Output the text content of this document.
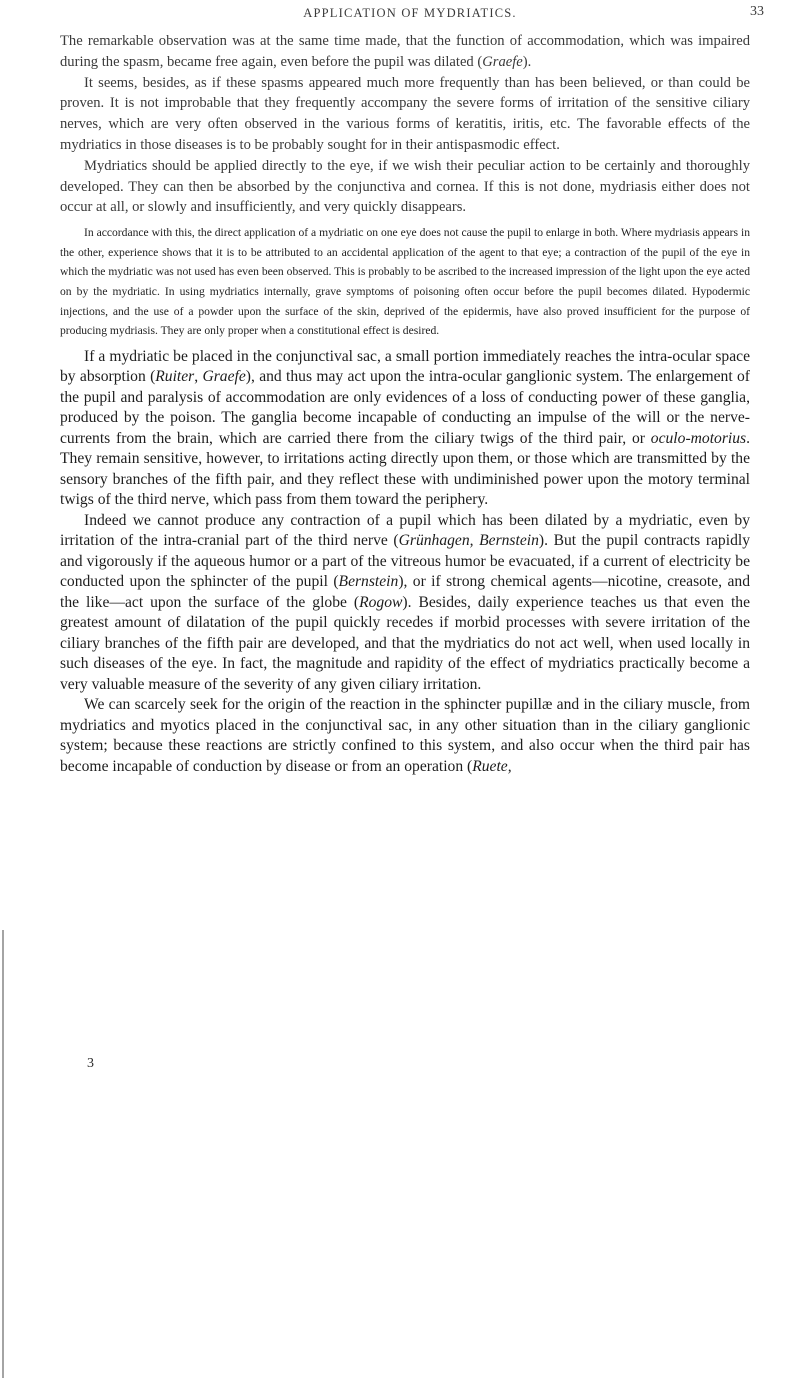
APPLICATION OF MYDRIATICS.	33

The remarkable observation was at the same time made, that the function of accommodation, which was impaired during the spasm, became free again, even before the pupil was dilated (Graefe).

It seems, besides, as if these spasms appeared much more frequently than has been believed, or than could be proven. It is not improbable that they frequently accompany the severe forms of irritation of the sensitive ciliary nerves, which are very often observed in the various forms of keratitis, iritis, etc. The favorable effects of the mydriatics in those diseases is to be probably sought for in their antispasmodic effect.

Mydriatics should be applied directly to the eye, if we wish their peculiar action to be certainly and thoroughly developed. They can then be absorbed by the conjunctiva and cornea. If this is not done, mydriasis either does not occur at all, or slowly and insufficiently, and very quickly disappears.

In accordance with this, the direct application of a mydriatic on one eye does not cause the pupil to enlarge in both. Where mydriasis appears in the other, experience shows that it is to be attributed to an accidental application of the agent to that eye; a contraction of the pupil of the eye in which the mydriatic was not used has even been observed. This is probably to be ascribed to the increased impression of the light upon the eye acted on by the mydriatic. In using mydriatics internally, grave symptoms of poisoning often occur before the pupil becomes dilated. Hypodermic injections, and the use of a powder upon the surface of the skin, deprived of the epidermis, have also proved insufficient for the purpose of producing mydriasis. They are only proper when a constitutional effect is desired.

If a mydriatic be placed in the conjunctival sac, a small portion immediately reaches the intra-ocular space by absorption (Ruiter, Graefe), and thus may act upon the intra-ocular ganglionic system. The enlargement of the pupil and paralysis of accommodation are only evidences of a loss of conducting power of these ganglia, produced by the poison. The ganglia become incapable of conducting an impulse of the will or the nerve-currents from the brain, which are carried there from the ciliary twigs of the third pair, or oculo-motorius. They remain sensitive, however, to irritations acting directly upon them, or those which are transmitted by the sensory branches of the fifth pair, and they reflect these with undiminished power upon the motory terminal twigs of the third nerve, which pass from them toward the periphery.

Indeed we cannot produce any contraction of a pupil which has been dilated by a mydriatic, even by irritation of the intra-cranial part of the third nerve (Grünhagen, Bernstein). But the pupil contracts rapidly and vigorously if the aqueous humor or a part of the vitreous humor be evacuated, if a current of electricity be conducted upon the sphincter of the pupil (Bernstein), or if strong chemical agents—nicotine, creasote, and the like—act upon the surface of the globe (Rogow). Besides, daily experience teaches us that even the greatest amount of dilatation of the pupil quickly recedes if morbid processes with severe irritation of the ciliary branches of the fifth pair are developed, and that the mydriatics do not act well, when used locally in such diseases of the eye. In fact, the magnitude and rapidity of the effect of mydriatics practically become a very valuable measure of the severity of any given ciliary irritation.

We can scarcely seek for the origin of the reaction in the sphincter pupillæ and in the ciliary muscle, from mydriatics and myotics placed in the conjunctival sac, in any other situation than in the ciliary ganglionic system; because these reactions are strictly confined to this system, and also occur when the third pair has become incapable of conduction by disease or from an operation (Ruete,

3
